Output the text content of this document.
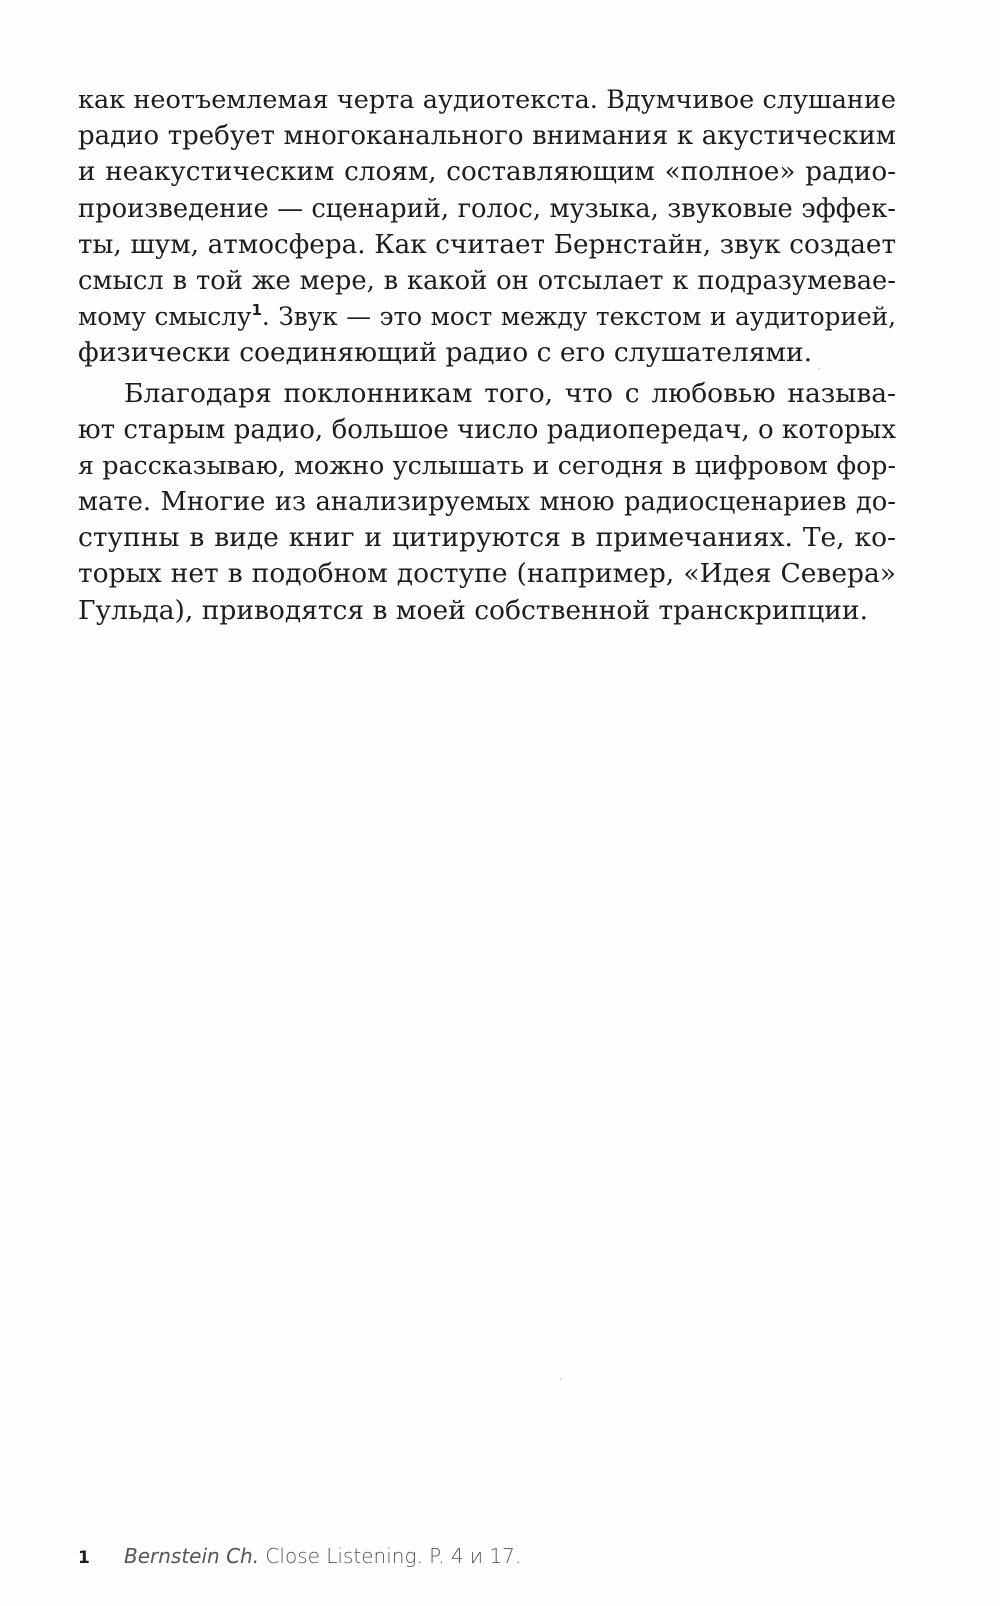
как неотъемлемая черта аудиотекста. Вдумчивое слушание
радио требует многоканального внимания к акустическим
и неакустическим слоям, составляющим «полное» радио-
произведение — сценарий, голос, музыка, звуковые эффек-
ты, шум, атмосфера. Как считает Бернстайн, звук создает
смысл в той же мере, в какой он отсылает к подразумевае-
мому смыслу$^1$. Звук — это мост между текстом и аудиторией,
физически соединяющий радио с его слушателями.
Благодаря поклонникам того, что с любовью называ-
ют старым радио, большое число радиопередач, о которых
я рассказываю, можно услышать и сегодня в цифровом фор-
мате. Многие из анализируемых мною радиосценариев до-
ступны в виде книг и цитируются в примечаниях. Те, ко-
торых нет в подобном доступе (например, «Идея Севера»
Гульда), приводятся в моей собственной транскрипции.
1 Bernstein Ch. Close Listening. P. 4 и 17.
